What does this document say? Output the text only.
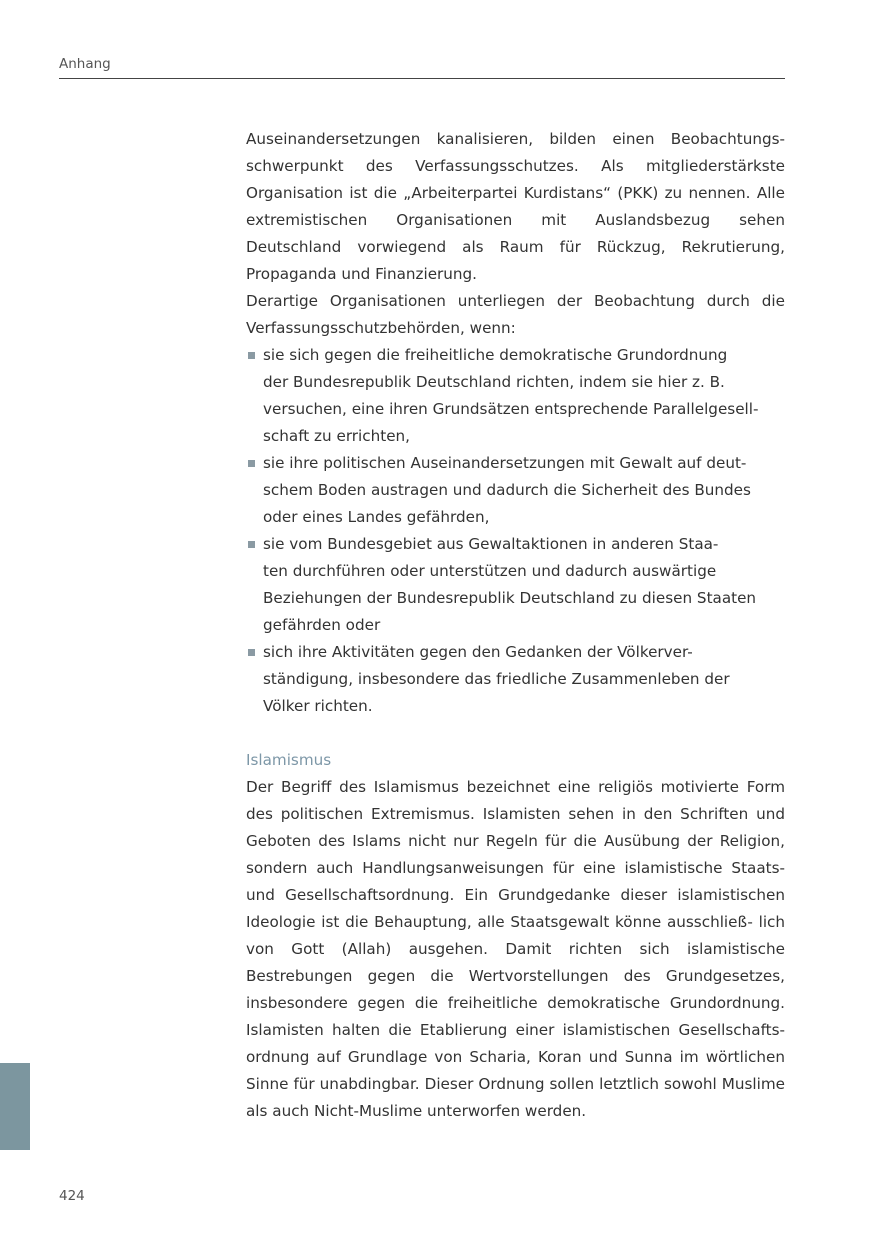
Anhang

Auseinandersetzungen kanalisieren, bilden einen Beobachtungs- schwerpunkt des Verfassungsschutzes. Als mitgliederstärkste Organisation ist die „Arbeiterpartei Kurdistans“ (PKK) zu nennen. Alle extremistischen Organisationen mit Auslandsbezug sehen Deutschland vorwiegend als Raum für Rückzug, Rekrutierung, Propaganda und Finanzierung.

Derartige Organisationen unterliegen der Beobachtung durch die Verfassungsschutzbehörden, wenn:

sie sich gegen die freiheitliche demokratische Grundordnung
der Bundesrepublik Deutschland richten, indem sie hier z. B.
versuchen, eine ihren Grundsätzen entsprechende Parallelgesell-
schaft zu errichten,
sie ihre politischen Auseinandersetzungen mit Gewalt auf deut-
schem Boden austragen und dadurch die Sicherheit des Bundes
oder eines Landes gefährden,
sie vom Bundesgebiet aus Gewaltaktionen in anderen Staa-
ten durchführen oder unterstützen und dadurch auswärtige
Beziehungen der Bundesrepublik Deutschland zu diesen Staaten
gefährden oder
sich ihre Aktivitäten gegen den Gedanken der Völkerver-
ständigung, insbesondere das friedliche Zusammenleben der
Völker richten.

Islamismus

Der Begriff des Islamismus bezeichnet eine religiös motivierte Form des politischen Extremismus. Islamisten sehen in den Schriften und Geboten des Islams nicht nur Regeln für die Ausübung der Religion, sondern auch Handlungsanweisungen für eine islamistische Staats- und Gesellschaftsordnung. Ein Grundgedanke dieser islamistischen Ideologie ist die Behauptung, alle Staatsgewalt könne ausschließ- lich von Gott (Allah) ausgehen. Damit richten sich islamistische Bestrebungen gegen die Wertvorstellungen des Grundgesetzes, insbesondere gegen die freiheitliche demokratische Grundordnung. Islamisten halten die Etablierung einer islamistischen Gesellschafts- ordnung auf Grundlage von Scharia, Koran und Sunna im wörtlichen Sinne für unabdingbar. Dieser Ordnung sollen letztlich sowohl Muslime als auch Nicht-Muslime unterworfen werden.

424
